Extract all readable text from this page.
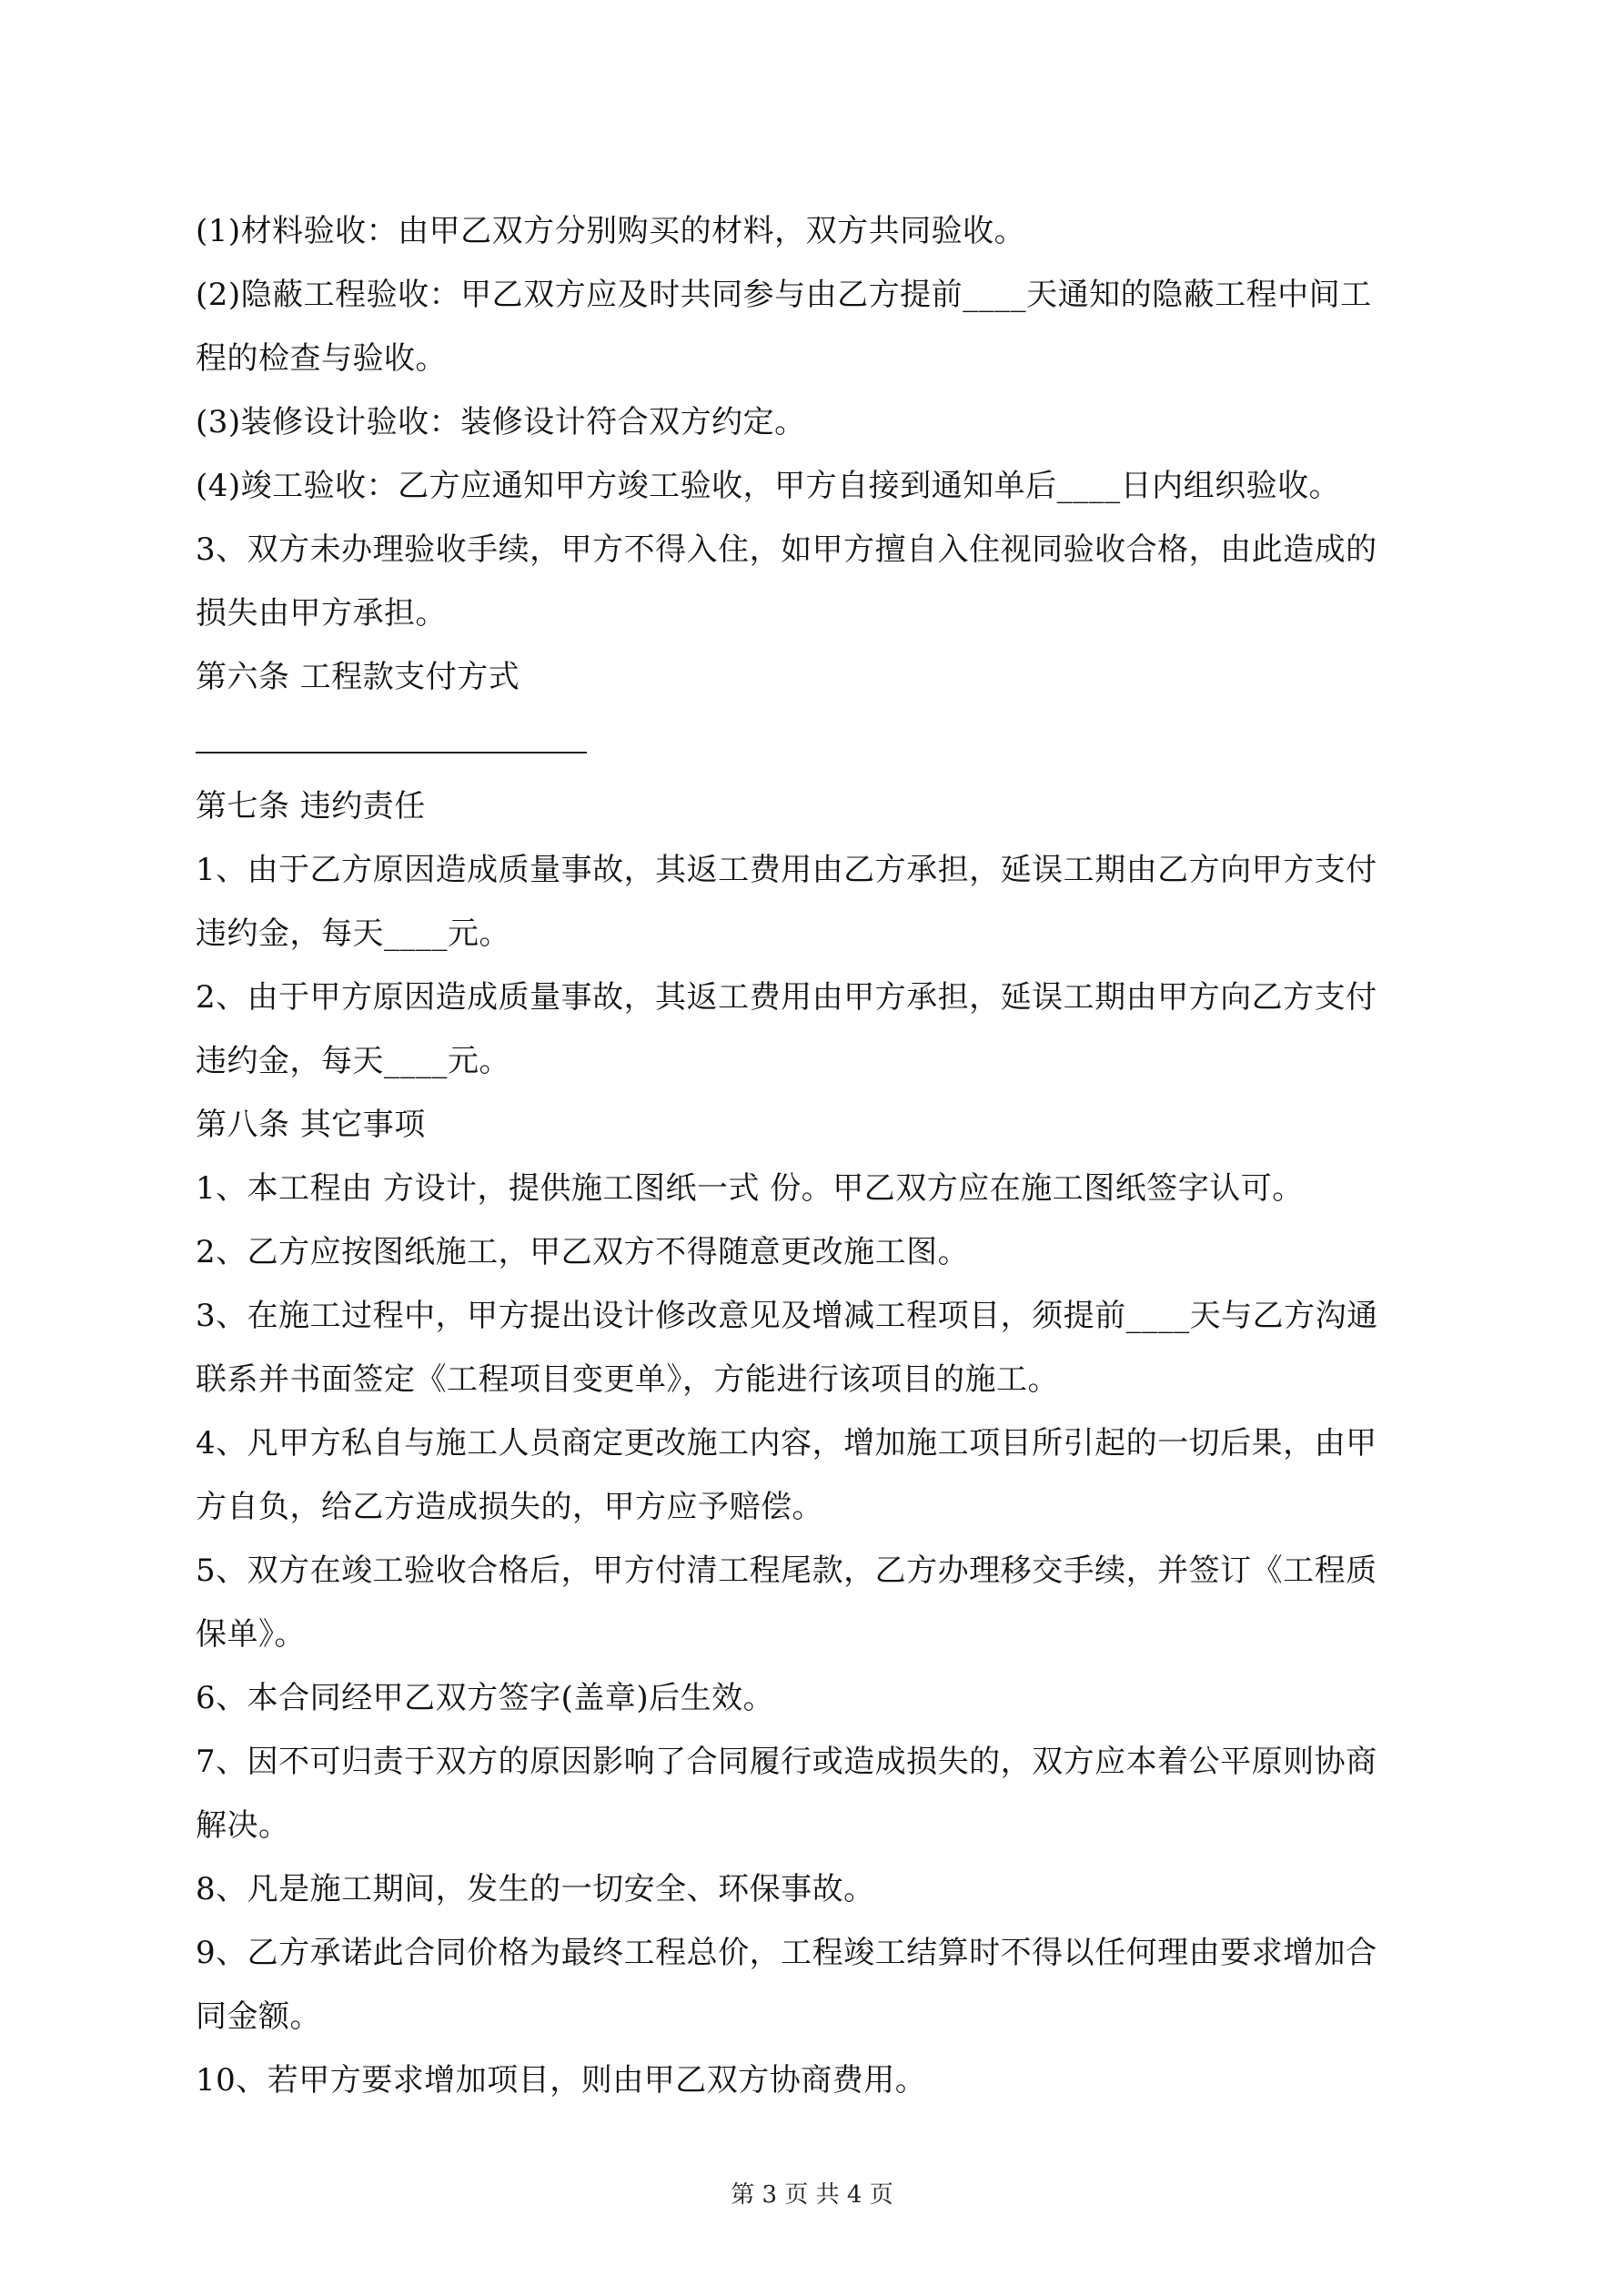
(1)材料验收：由甲乙双方分别购买的材料，双方共同验收。
(2)隐蔽工程验收：甲乙双方应及时共同参与由乙方提前____天通知的隐蔽工程中间工
程的检查与验收。
(3)装修设计验收：装修设计符合双方约定。
(4)竣工验收：乙方应通知甲方竣工验收，甲方自接到通知单后____日内组织验收。
3、双方未办理验收手续，甲方不得入住，如甲方擅自入住视同验收合格，由此造成的
损失由甲方承担。
第六条 工程款支付方式
第七条 违约责任
1、由于乙方原因造成质量事故，其返工费用由乙方承担，延误工期由乙方向甲方支付
违约金，每天____元。
2、由于甲方原因造成质量事故，其返工费用由甲方承担，延误工期由甲方向乙方支付
违约金，每天____元。
第八条 其它事项
1、本工程由 方设计，提供施工图纸一式 份。甲乙双方应在施工图纸签字认可。
2、乙方应按图纸施工，甲乙双方不得随意更改施工图。
3、在施工过程中，甲方提出设计修改意见及增减工程项目，须提前____天与乙方沟通
联系并书面签定《工程项目变更单》，方能进行该项目的施工。
4、凡甲方私自与施工人员商定更改施工内容，增加施工项目所引起的一切后果，由甲
方自负，给乙方造成损失的，甲方应予赔偿。
5、双方在竣工验收合格后，甲方付清工程尾款，乙方办理移交手续，并签订《工程质
保单》。
6、本合同经甲乙双方签字(盖章)后生效。
7、因不可归责于双方的原因影响了合同履行或造成损失的，双方应本着公平原则协商
解决。
8、凡是施工期间，发生的一切安全、环保事故。
9、乙方承诺此合同价格为最终工程总价，工程竣工结算时不得以任何理由要求增加合
同金额。
10、若甲方要求增加项目，则由甲乙双方协商费用。
第 3 页 共 4 页
